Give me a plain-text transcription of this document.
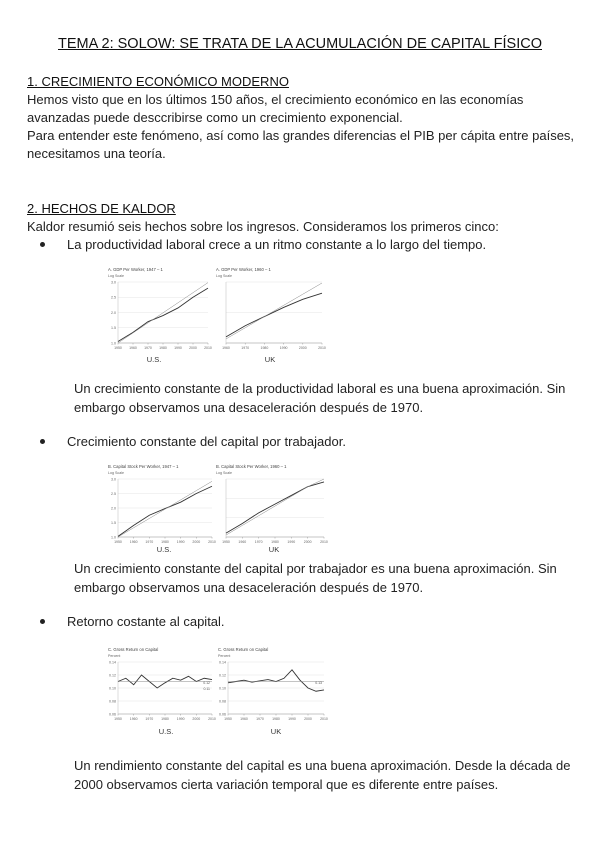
TEMA 2: SOLOW: SE TRATA DE LA ACUMULACIÓN DE CAPITAL FÍSICO
1. CRECIMIENTO ECONÓMICO MODERNO

Hemos visto que en los últimos 150 años, el crecimiento económico en las economías avanzadas puede desccribirse como un crecimiento exponencial.

Para entender este fenómeno, así como las grandes diferencias el PIB per cápita entre países, necesitamos una teoría.

2. HECHOS DE KALDOR
Kaldor resumió seis hechos sobre los ingresos. Consideramos los primeros cinco:
La productividad laboral crece a un ritmo constante a lo largo del tiempo.
A. GDP Per Worker, 1947 – 1
Log Scale
1.0
1.5
2.0
2.5
3.0
1950 1960 1970 1980 1990 2000 2010
U.S.
A. GDP Per Worker, 1960 – 1
Log Scale
1960	1970	1980	1990	2000	2010
UK
Un crecimiento constante de la productividad laboral es una buena aproximación. Sin embargo observamos una desaceleración después de 1970.
Crecimiento constante del capital por trabajador.
B. Capital Stock Per Worker, 1947 – 1
Log Scale
1.0
1.5
2.0
2.5
3.0
1950 1960 1970 1980 1990 2000 2010
U.S.
B. Capital Stock Per Worker, 1960 – 1
Log Scale
1950 1960 1970 1980 1990 2000 2010
UK
Un crecimiento constante del capital por trabajador es una buena aproximación. Sin embargo observamos una desaceleración después de 1970.
Retorno costante al capital.
C. Gross Return on Capital
Percent
0.06
0.08
0.10
0.12
0.14
1950 1960 1970 1980 1990 2000 2010
0.12
0.11
U.S.
C. Gross Return on Capital
Percent
0.06
0.08
0.10
0.12
0.14
1950 1960 1970 1980 1990 2000 2010
0.13
UK
Un rendimiento constante del capital es una buena aproximación. Desde la década de 2000 observamos cierta variación temporal que es diferente entre países.
